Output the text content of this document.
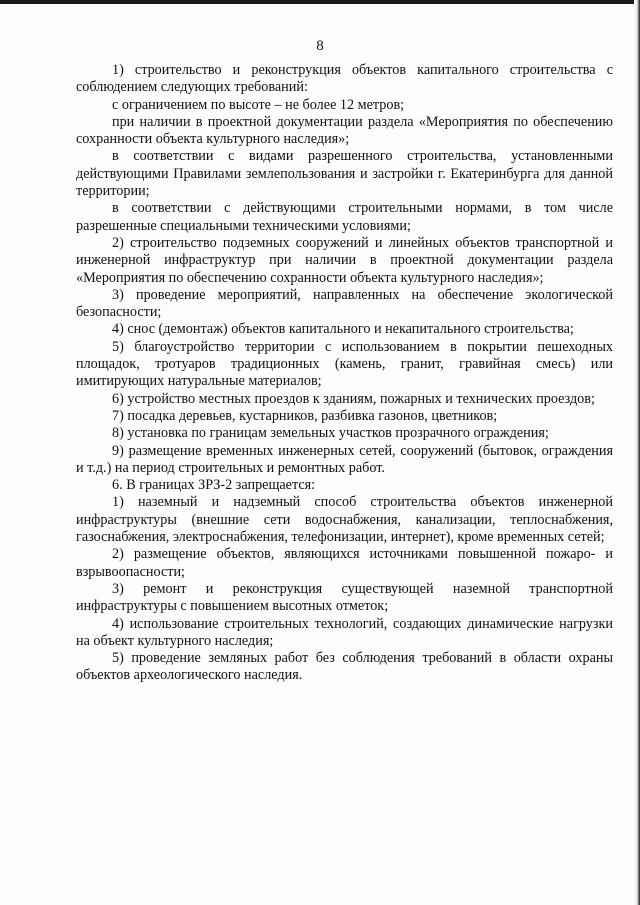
8

1) строительство и реконструкция объектов капитального строительства с соблюдением следующих требований:

с ограничением по высоте – не более 12 метров;

при наличии в проектной документации раздела «Мероприятия по обеспечению сохранности объекта культурного наследия»;

в соответствии с видами разрешенного строительства, установленными действующими Правилами землепользования и застройки г. Екатеринбурга для данной территории;

в соответствии с действующими строительными нормами, в том числе разрешенные специальными техническими условиями;

2) строительство подземных сооружений и линейных объектов транспортной и инженерной инфраструктур при наличии в проектной документации раздела «Мероприятия по обеспечению сохранности объекта культурного наследия»;

3) проведение мероприятий, направленных на обеспечение экологической безопасности;

4) снос (демонтаж) объектов капитального и некапитального строительства;

5) благоустройство территории с использованием в покрытии пешеходных площадок, тротуаров традиционных (камень, гранит, гравийная смесь) или имитирующих натуральные материалов;

6) устройство местных проездов к зданиям, пожарных и технических проездов;

7) посадка деревьев, кустарников, разбивка газонов, цветников;

8) установка по границам земельных участков прозрачного ограждения;

9) размещение временных инженерных сетей, сооружений (бытовок, ограждения и т.д.) на период строительных и ремонтных работ.

6. В границах ЗРЗ-2 запрещается:

1) наземный и надземный способ строительства объектов инженерной инфраструктуры (внешние сети водоснабжения, канализации, теплоснабжения, газоснабжения, электроснабжения, телефонизации, интернет), кроме временных сетей;

2) размещение объектов, являющихся источниками повышенной пожаро- и взрывоопасности;

3) ремонт и реконструкция существующей наземной транспортной инфраструктуры с повышением высотных отметок;

4) использование строительных технологий, создающих динамические нагрузки на объект культурного наследия;

5) проведение земляных работ без соблюдения требований в области охраны объектов археологического наследия.
